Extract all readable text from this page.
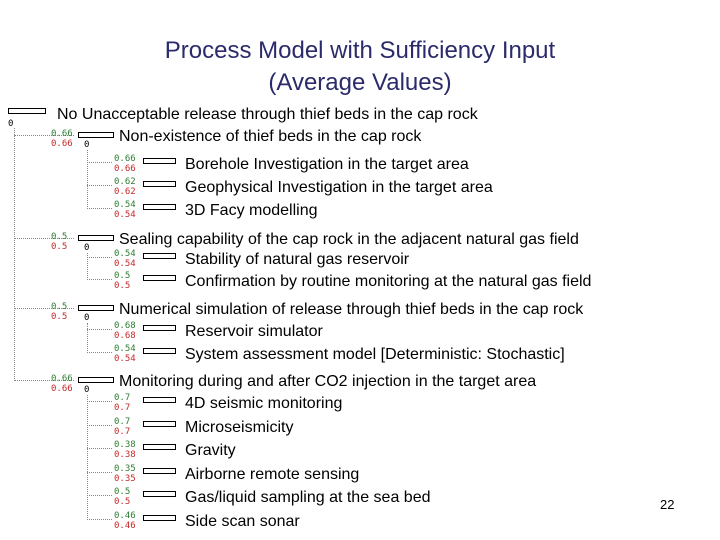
Process Model with Sufficiency Input
(Average Values)
0
No Unacceptable release through thief beds in the cap rock
0.66
0.66 0 Non-existence of thief beds in the cap rock
0.66
0.66	Borehole Investigation in the target area
0.62
0.62	Geophysical Investigation in the target area
0.54
0.54	3D Facy modelling
0.5
0.5 0 Sealing capability of the cap rock in the adjacent natural gas field
0.54
0.54	Stability of natural gas reservoir
0.5
0.5	Confirmation by routine monitoring at the natural gas field
0.5
0.5 0 Numerical simulation of release through thief beds in the cap rock
0.68
0.68	Reservoir simulator
0.54
0.54	System assessment model [Deterministic: Stochastic]
0.66
0.66 0 Monitoring during and after CO2 injection in the target area
0.7
0.7	4D seismic monitoring
0.7
0.7	Microseismicity
0.38
0.38	Gravity
0.35
0.35	Airborne remote sensing
0.5
0.5	Gas/liquid sampling at the sea bed
0.46
0.46	Side scan sonar
22
